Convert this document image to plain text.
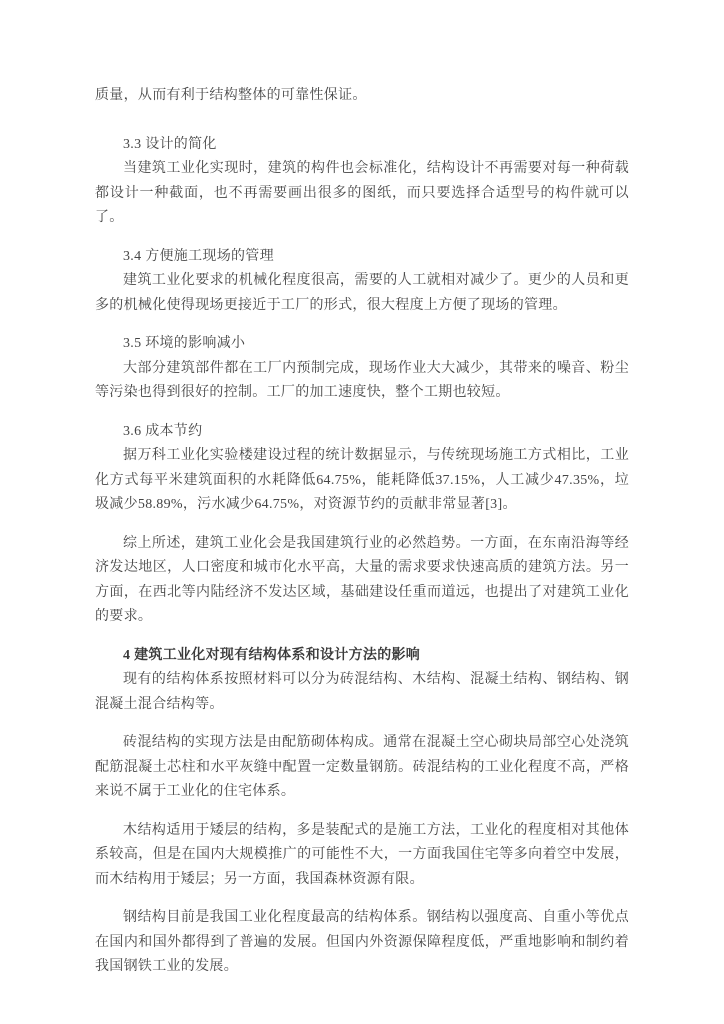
质量，从而有利于结构整体的可靠性保证。

3.3 设计的简化

当建筑工业化实现时，建筑的构件也会标准化，结构设计不再需要对每一种荷载都设计一种截面，也不再需要画出很多的图纸，而只要选择合适型号的构件就可以了。

3.4 方便施工现场的管理

建筑工业化要求的机械化程度很高，需要的人工就相对减少了。更少的人员和更多的机械化使得现场更接近于工厂的形式，很大程度上方便了现场的管理。

3.5 环境的影响减小

大部分建筑部件都在工厂内预制完成，现场作业大大减少，其带来的噪音、粉尘等污染也得到很好的控制。工厂的加工速度快，整个工期也较短。

3.6 成本节约

据万科工业化实验楼建设过程的统计数据显示，与传统现场施工方式相比，工业化方式每平米建筑面积的水耗降低64.75%，能耗降低37.15%，人工减少47.35%，垃圾减少58.89%，污水减少64.75%，对资源节约的贡献非常显著[3]。

综上所述，建筑工业化会是我国建筑行业的必然趋势。一方面，在东南沿海等经济发达地区，人口密度和城市化水平高，大量的需求要求快速高质的建筑方法。另一方面，在西北等内陆经济不发达区域，基础建设任重而道远，也提出了对建筑工业化的要求。

4 建筑工业化对现有结构体系和设计方法的影响

现有的结构体系按照材料可以分为砖混结构、木结构、混凝土结构、钢结构、钢混凝土混合结构等。

砖混结构的实现方法是由配筋砌体构成。通常在混凝土空心砌块局部空心处浇筑配筋混凝土芯柱和水平灰缝中配置一定数量钢筋。砖混结构的工业化程度不高，严格来说不属于工业化的住宅体系。

木结构适用于矮层的结构，多是装配式的是施工方法，工业化的程度相对其他体系较高，但是在国内大规模推广的可能性不大，一方面我国住宅等多向着空中发展，而木结构用于矮层；另一方面，我国森林资源有限。

钢结构目前是我国工业化程度最高的结构体系。钢结构以强度高、自重小等优点在国内和国外都得到了普遍的发展。但国内外资源保障程度低，严重地影响和制约着我国钢铁工业的发展。
